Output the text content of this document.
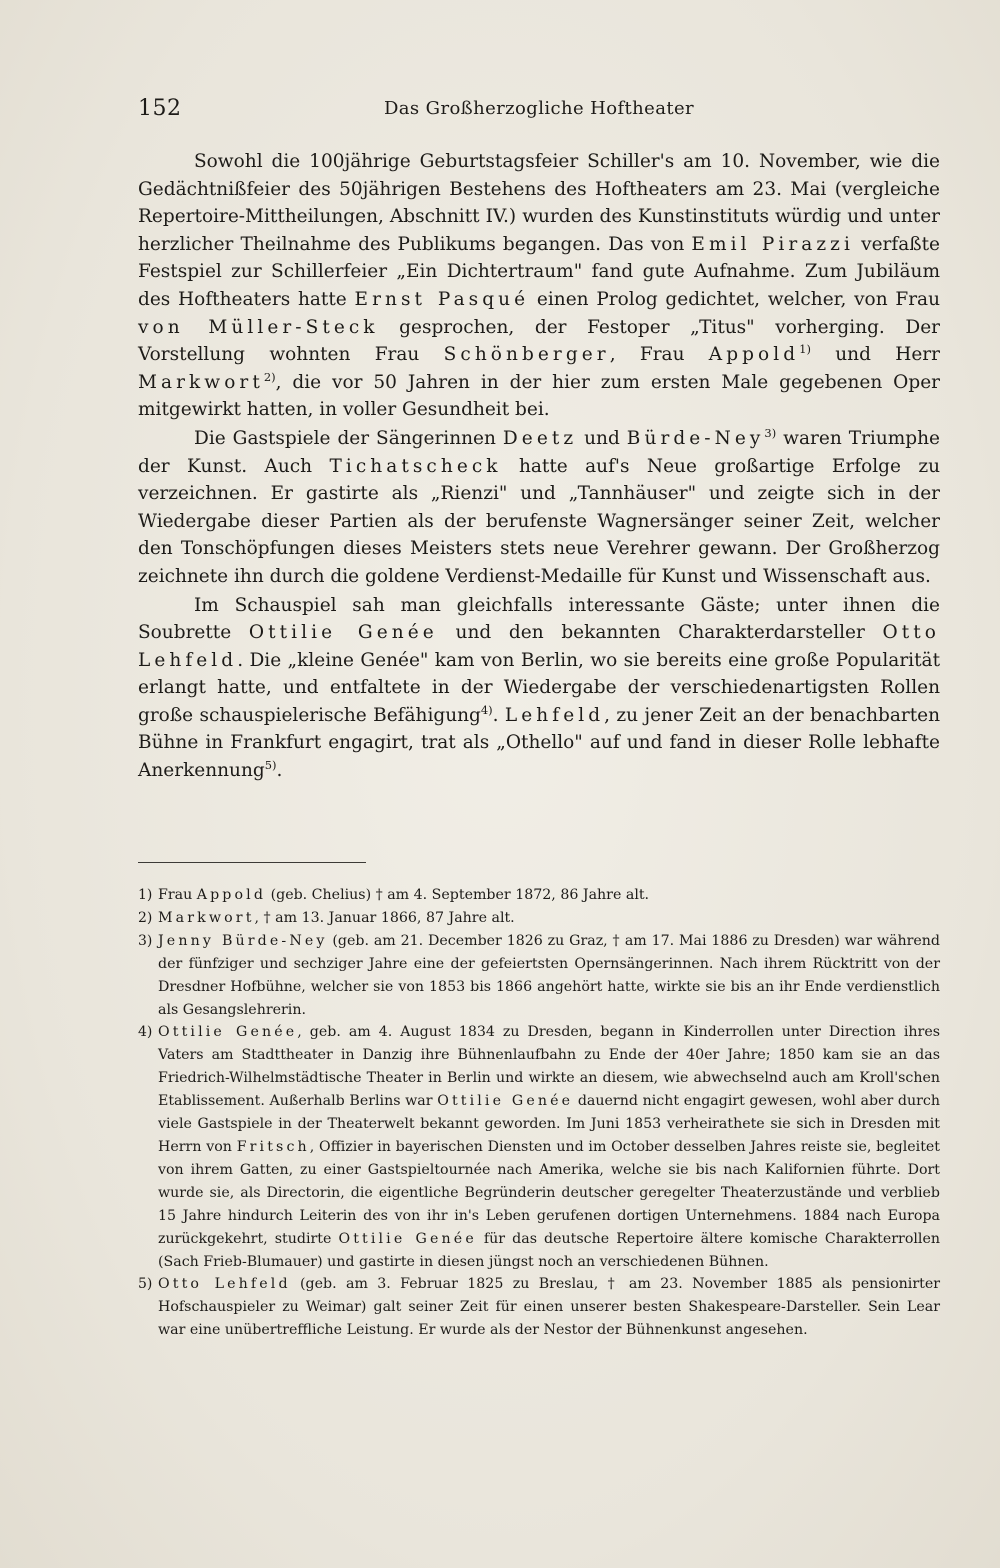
152	Das Großherzogliche Hoftheater

Sowohl die 100jährige Geburtstagsfeier Schiller's am 10. November, wie die Gedächtnißfeier des 50jährigen Bestehens des Hoftheaters am 23. Mai (vergleiche Repertoire-Mittheilungen, Abschnitt IV.) wurden des Kunstinstituts würdig und unter herzlicher Theilnahme des Publikums begangen. Das von Emil Pirazzi verfaßte Festspiel zur Schillerfeier „Ein Dichtertraum" fand gute Aufnahme. Zum Jubiläum des Hoftheaters hatte Ernst Pasqué einen Prolog gedichtet, welcher, von Frau von Müller-Steck gesprochen, der Festoper „Titus" vorherging. Der Vorstellung wohnten Frau Schönberger, Frau Appold$^{1)}$ und Herr Markwort$^{2)}$, die vor 50 Jahren in der hier zum ersten Male gegebenen Oper mitgewirkt hatten, in voller Gesundheit bei.

Die Gastspiele der Sängerinnen Deetz und Bürde-Ney$^{3)}$ waren Triumphe der Kunst. Auch Tichatscheck hatte auf's Neue großartige Erfolge zu verzeichnen. Er gastirte als „Rienzi" und „Tannhäuser" und zeigte sich in der Wiedergabe dieser Partien als der berufenste Wagnersänger seiner Zeit, welcher den Tonschöpfungen dieses Meisters stets neue Verehrer gewann. Der Großherzog zeichnete ihn durch die goldene Verdienst-Medaille für Kunst und Wissenschaft aus.

Im Schauspiel sah man gleichfalls interessante Gäste; unter ihnen die Soubrette Ottilie Genée und den bekannten Charakterdarsteller Otto Lehfeld. Die „kleine Genée" kam von Berlin, wo sie bereits eine große Popularität erlangt hatte, und entfaltete in der Wiedergabe der verschiedenartigsten Rollen große schauspielerische Befähigung$^{4)}$. Lehfeld, zu jener Zeit an der benachbarten Bühne in Frankfurt engagirt, trat als „Othello" auf und fand in dieser Rolle lebhafte Anerkennung$^{5)}$.

1) Frau Appold (geb. Chelius) † am 4. September 1872, 86 Jahre alt.

2) Markwort, † am 13. Januar 1866, 87 Jahre alt.

3) Jenny Bürde-Ney (geb. am 21. December 1826 zu Graz, † am 17. Mai 1886 zu Dresden) war während der fünfziger und sechziger Jahre eine der gefeiertsten Opernsängerinnen. Nach ihrem Rücktritt von der Dresdner Hofbühne, welcher sie von 1853 bis 1866 angehört hatte, wirkte sie bis an ihr Ende verdienstlich als Gesangslehrerin.

4) Ottilie Genée, geb. am 4. August 1834 zu Dresden, begann in Kinderrollen unter Direction ihres Vaters am Stadttheater in Danzig ihre Bühnenlaufbahn zu Ende der 40er Jahre; 1850 kam sie an das Friedrich-Wilhelmstädtische Theater in Berlin und wirkte an diesem, wie abwechselnd auch am Kroll'schen Etablissement. Außerhalb Berlins war Ottilie Genée dauernd nicht engagirt gewesen, wohl aber durch viele Gastspiele in der Theaterwelt bekannt geworden. Im Juni 1853 verheirathete sie sich in Dresden mit Herrn von Fritsch, Offizier in bayerischen Diensten und im October desselben Jahres reiste sie, begleitet von ihrem Gatten, zu einer Gastspieltournée nach Amerika, welche sie bis nach Kalifornien führte. Dort wurde sie, als Directorin, die eigentliche Begründerin deutscher geregelter Theaterzustände und verblieb 15 Jahre hindurch Leiterin des von ihr in's Leben gerufenen dortigen Unternehmens. 1884 nach Europa zurückgekehrt, studirte Ottilie Genée für das deutsche Repertoire ältere komische Charakterrollen (Sach Frieb-Blumauer) und gastirte in diesen jüngst noch an verschiedenen Bühnen.

5) Otto Lehfeld (geb. am 3. Februar 1825 zu Breslau, † am 23. November 1885 als pensionirter Hofschauspieler zu Weimar) galt seiner Zeit für einen unserer besten Shakespeare-Darsteller. Sein Lear war eine unübertreffliche Leistung. Er wurde als der Nestor der Bühnenkunst angesehen.
